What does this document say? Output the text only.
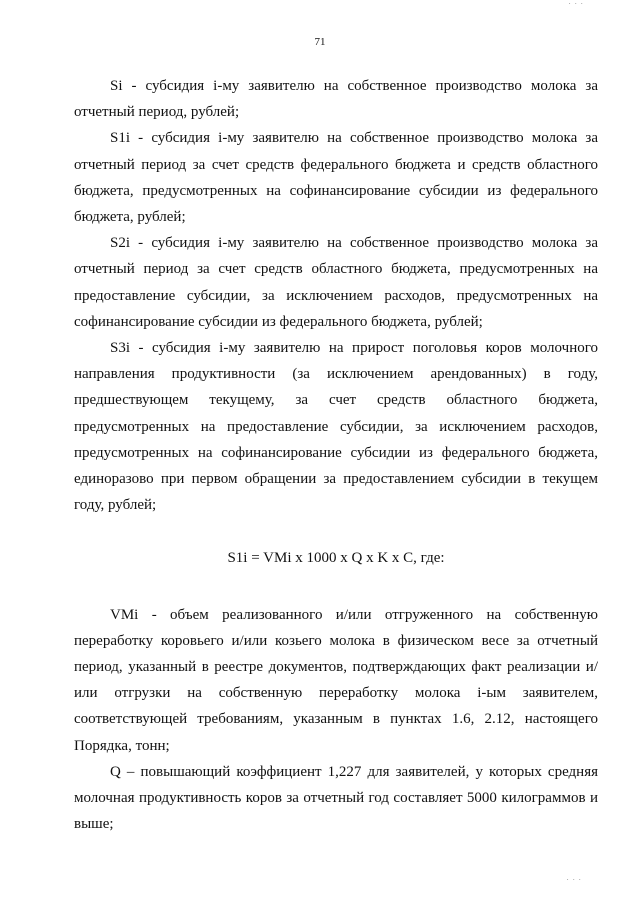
· · ·
71

Si - субсидия i-му заявителю на собственное производство молока за отчетный период, рублей;

S1i - субсидия i-му заявителю на собственное производство молока за отчетный период за счет средств федерального бюджета и средств областного бюджета, предусмотренных на софинансирование субсидии из федерального бюджета, рублей;

S2i - субсидия i-му заявителю на собственное производство молока за отчетный период за счет средств областного бюджета, предусмотренных на предоставление субсидии, за исключением расходов, предусмотренных на софинансирование субсидии из федерального бюджета, рублей;

S3i - субсидия i-му заявителю на прирост поголовья коров молочного направления продуктивности (за исключением арендованных) в году, предшествующем текущему, за счет средств областного бюджета, предусмотренных на предоставление субсидии, за исключением расходов, предусмотренных на софинансирование субсидии из федерального бюджета, единоразово при первом обращении за предоставлением субсидии в текущем году, рублей;

S1i = VMi x 1000 x Q x K x C, где:

VMi - объем реализованного и/или отгруженного на собственную переработку коровьего и/или козьего молока в физическом весе за отчетный период, указанный в реестре документов, подтверждающих факт реализации и/или отгрузки на собственную переработку молока i-ым заявителем, соответствующей требованиям, указанным в пунктах 1.6, 2.12, настоящего Порядка, тонн;

Q – повышающий коэффициент 1,227 для заявителей, у которых средняя молочная продуктивность коров за отчетный год составляет 5000 килограммов и выше;

· · ·
